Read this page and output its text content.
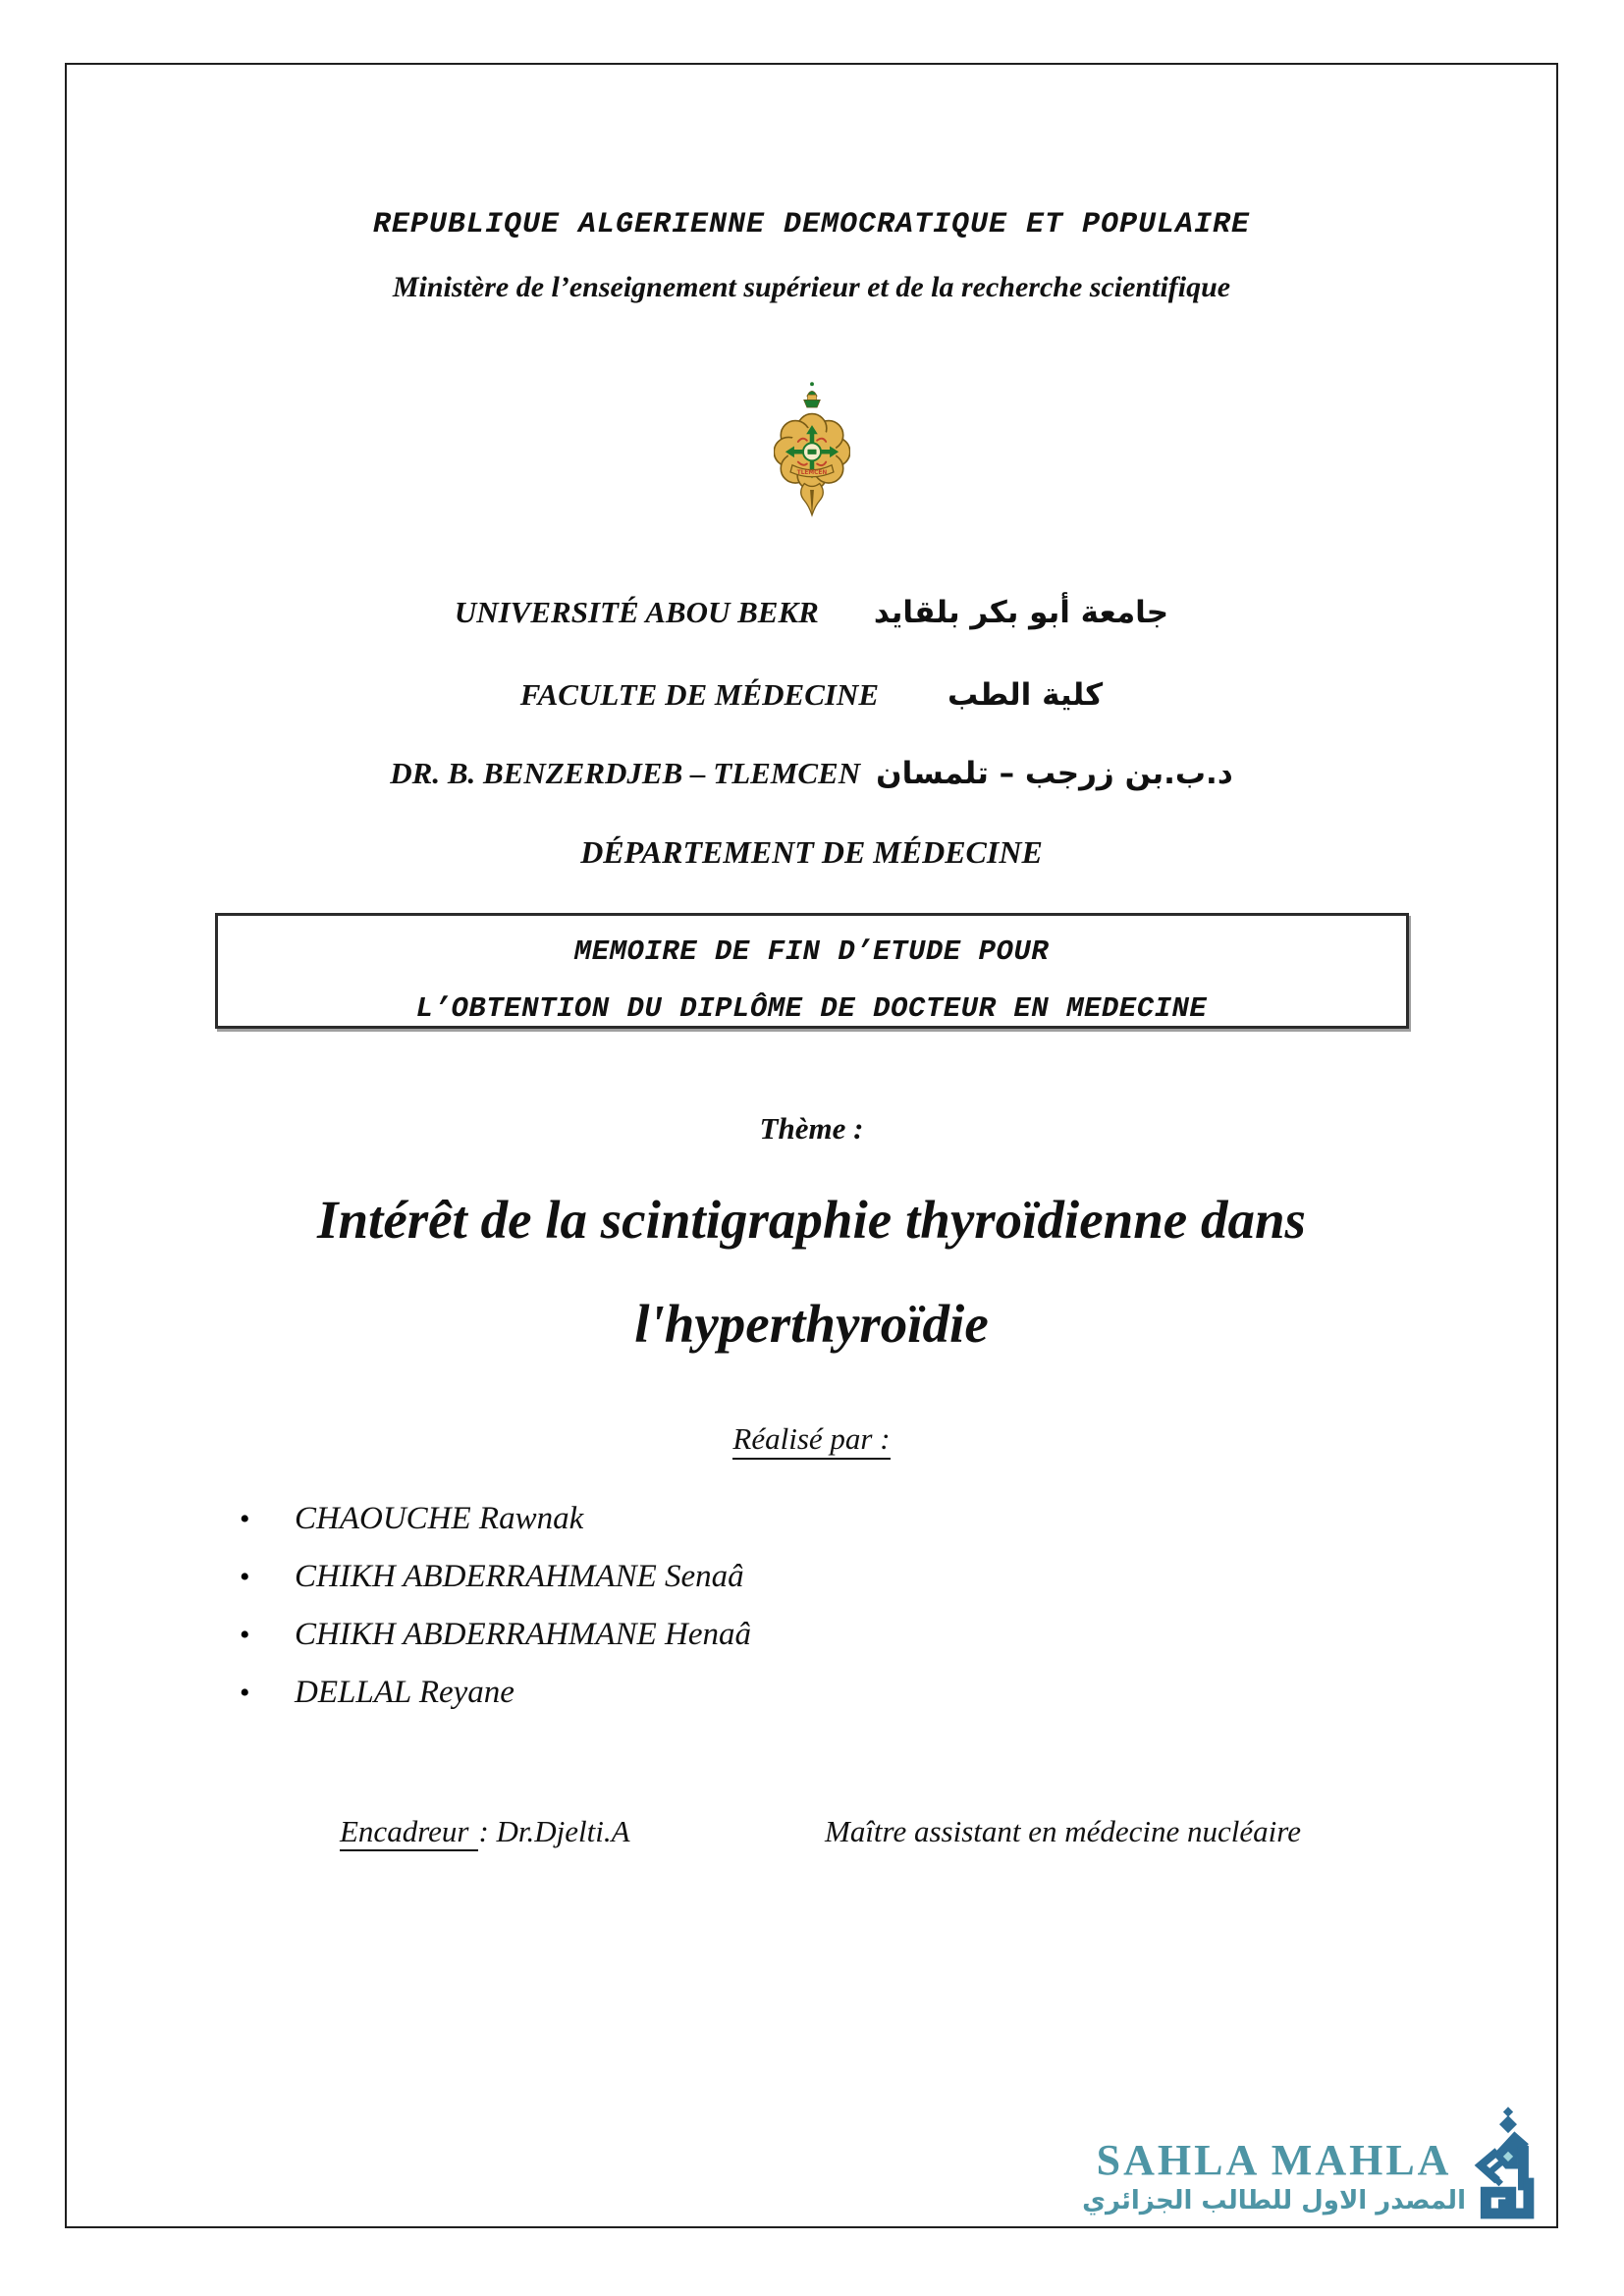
REPUBLIQUE ALGERIENNE DEMOCRATIQUE ET POPULAIRE
Ministère de l’enseignement supérieur et de la recherche scientifique
TLEMCEN
UNIVERSITÉ ABOU BEKR جامعة أبو بكر بلقايد
FACULTE DE MÉDECINE كلية الطب
DR. B. BENZERDJEB – TLEMCEN د.ب.بن زرجب – تلمسان
DÉPARTEMENT DE MÉDECINE
MEMOIRE DE FIN D’ETUDE POUR
L’OBTENTION DU DIPLÔME DE DOCTEUR EN MEDECINE
Thème :
Intérêt de la scintigraphie thyroïdienne dans
l'hyperthyroïdie
Réalisé par :
• CHAOUCHE Rawnak
• CHIKH ABDERRAHMANE Senaâ
• CHIKH ABDERRAHMANE Henaâ
• DELLAL Reyane
Encadreur : Dr.Djelti.A	Maître assistant en médecine nucléaire
SAHLA MAHLA
المصدر الاول للطالب الجزائري
